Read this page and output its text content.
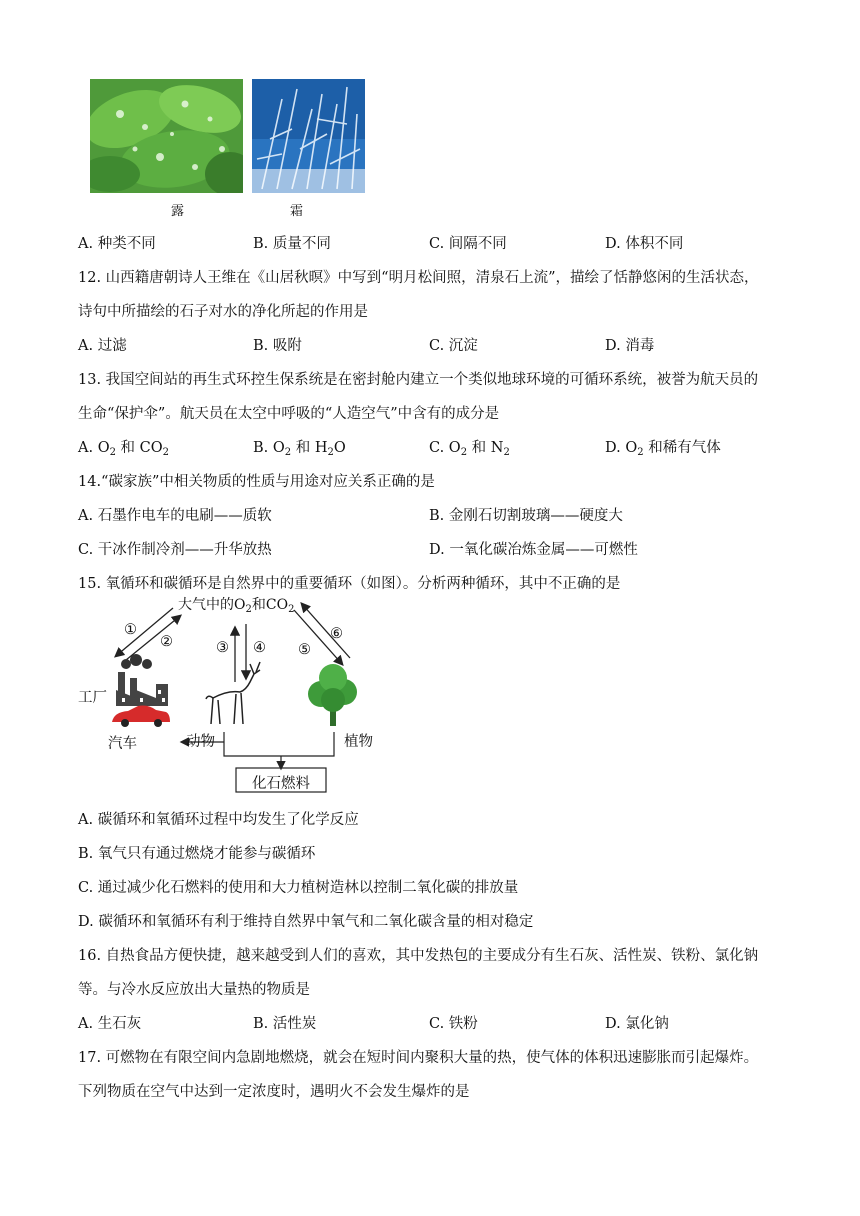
露	霜
A. 种类不同	B. 质量不同	C. 间隔不同	D. 体积不同
12. 山西籍唐朝诗人王维在《山居秋暝》中写到“明月松间照，清泉石上流”，描绘了恬静悠闲的生活状态，
诗句中所描绘的石子对水的净化所起的作用是
A. 过滤	B. 吸附	C. 沉淀	D. 消毒
13. 我国空间站的再生式环控生保系统是在密封舱内建立一个类似地球环境的可循环系统，被誉为航天员的
生命“保护伞”。航天员在太空中呼吸的“人造空气”中含有的成分是
A. $O_2$ 和 $CO_2$	B. $O_2$ 和 $H_2O$	C. $O_2$ 和 $N_2$	D. $O_2$ 和稀有气体
14.“碳家族”中相关物质的性质与用途对应关系正确的是
A. 石墨作电车的电刷——质软	B. 金刚石切割玻璃——硬度大
C. 干冰作制冷剂——升华放热	D. 一氧化碳冶炼金属——可燃性
15. 氧循环和碳循环是自然界中的重要循环（如图）。分析两种循环，其中不正确的是
大气中的$O_2$和$CO_2$
①
②	③ ④ ⑤
⑥
工厂
汽车	动物	植物
化石燃料
A. 碳循环和氧循环过程中均发生了化学反应
B. 氧气只有通过燃烧才能参与碳循环
C. 通过减少化石燃料的使用和大力植树造林以控制二氧化碳的排放量
D. 碳循环和氧循环有利于维持自然界中氧气和二氧化碳含量的相对稳定
16. 自热食品方便快捷，越来越受到人们的喜欢，其中发热包的主要成分有生石灰、活性炭、铁粉、氯化钠
等。与冷水反应放出大量热的物质是
A. 生石灰	B. 活性炭	C. 铁粉	D. 氯化钠
17. 可燃物在有限空间内急剧地燃烧，就会在短时间内聚积大量的热，使气体的体积迅速膨胀而引起爆炸。
下列物质在空气中达到一定浓度时，遇明火不会发生爆炸的是
